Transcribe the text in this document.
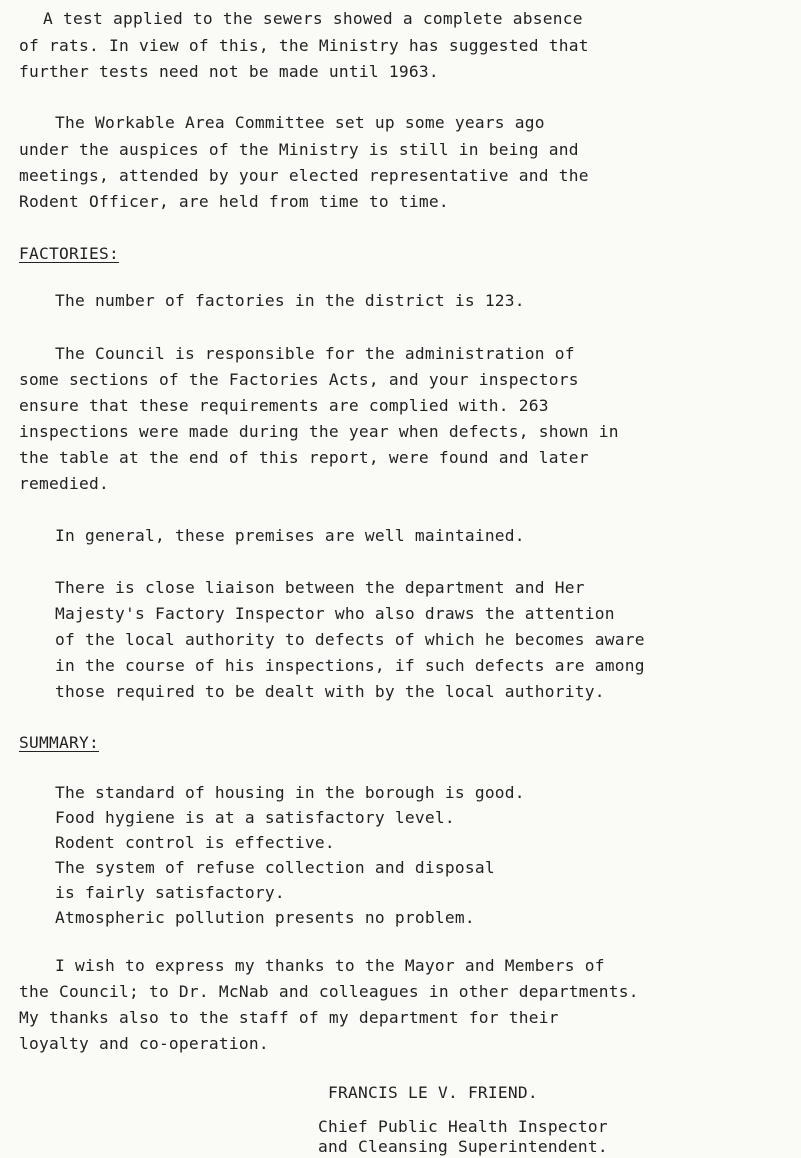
A test applied to the sewers showed a complete absence
of rats. In view of this, the Ministry has suggested that
further tests need not be made until 1963.
The Workable Area Committee set up some years ago
under the auspices of the Ministry is still in being and
meetings, attended by your elected representative and the
Rodent Officer, are held from time to time.
FACTORIES:
The number of factories in the district is 123.
The Council is responsible for the administration of
some sections of the Factories Acts, and your inspectors
ensure that these requirements are complied with. 263
inspections were made during the year when defects, shown in
the table at the end of this report, were found and later
remedied.
In general, these premises are well maintained.
There is close liaison between the department and Her
Majesty's Factory Inspector who also draws the attention
of the local authority to defects of which he becomes aware
in the course of his inspections, if such defects are among
those required to be dealt with by the local authority.
SUMMARY:
The standard of housing in the borough is good.
Food hygiene is at a satisfactory level.
Rodent control is effective.
The system of refuse collection and disposal
is fairly satisfactory.
Atmospheric pollution presents no problem.
I wish to express my thanks to the Mayor and Members of
the Council; to Dr. McNab and colleagues in other departments.
My thanks also to the staff of my department for their
loyalty and co-operation.
FRANCIS LE V. FRIEND.
Chief Public Health Inspector
and Cleansing Superintendent.
